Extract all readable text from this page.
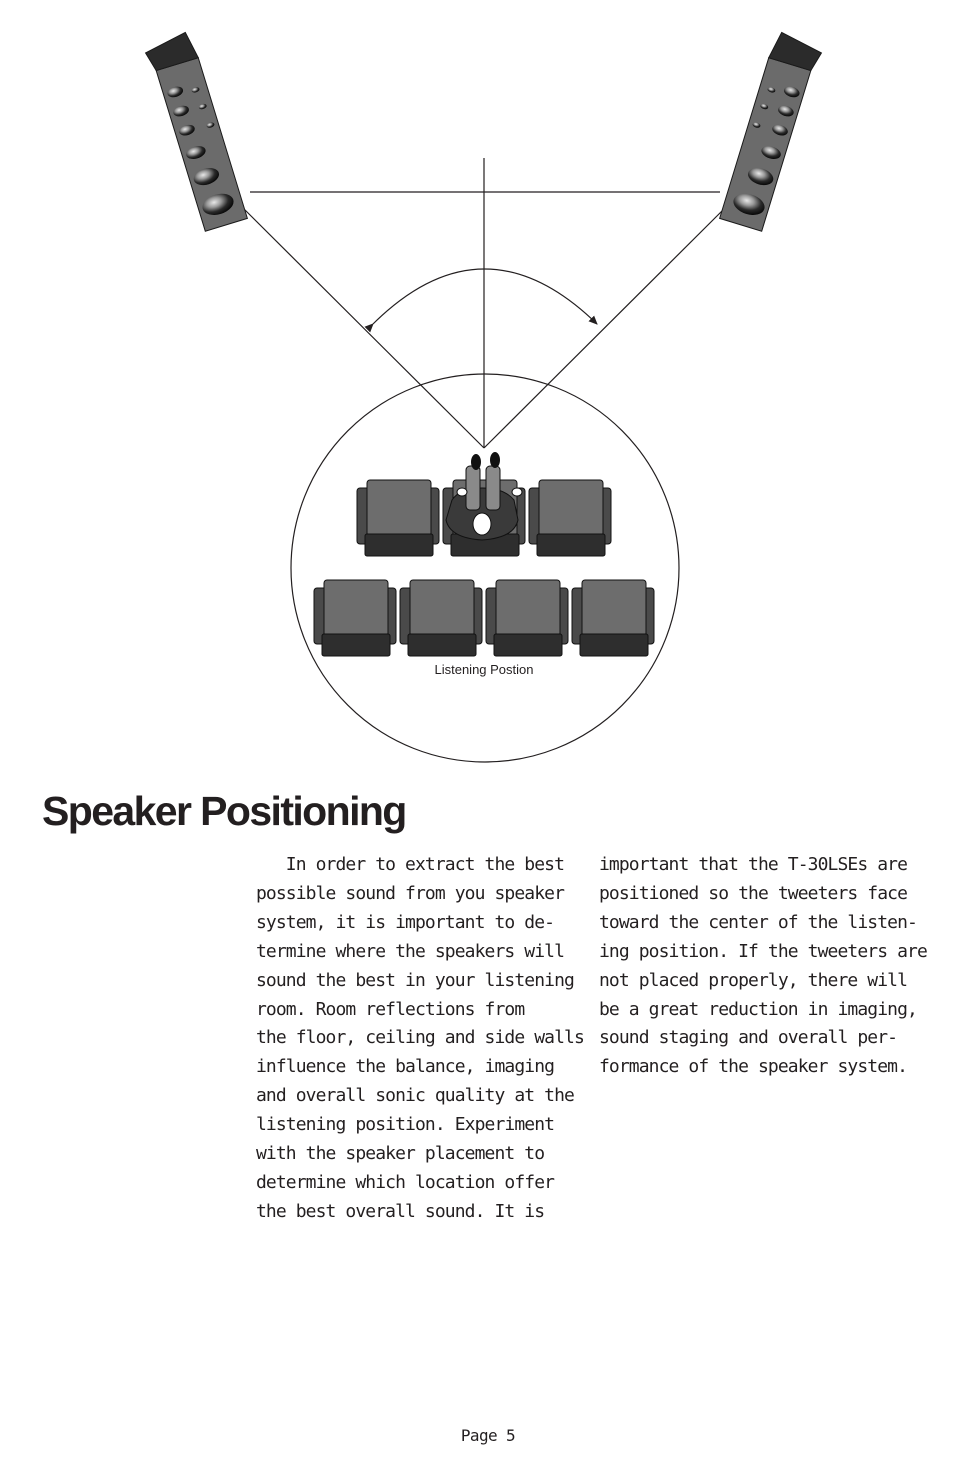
Listening Postion
Speaker Positioning
In order to extract the best
possible sound from you speaker
system, it is important to de-
termine where the speakers will
sound the best in your listening
room. Room reflections from
the floor, ceiling and side walls
influence the balance, imaging
and overall sonic quality at the
listening position. Experiment
with the speaker placement to
determine which location offer
the best overall sound. It is
important that the T-30LSEs are
positioned so the tweeters face
toward the center of the listen-
ing position. If the tweeters are
not placed properly, there will
be a great reduction in imaging,
sound staging and overall per-
formance of the speaker system.
Page 5
